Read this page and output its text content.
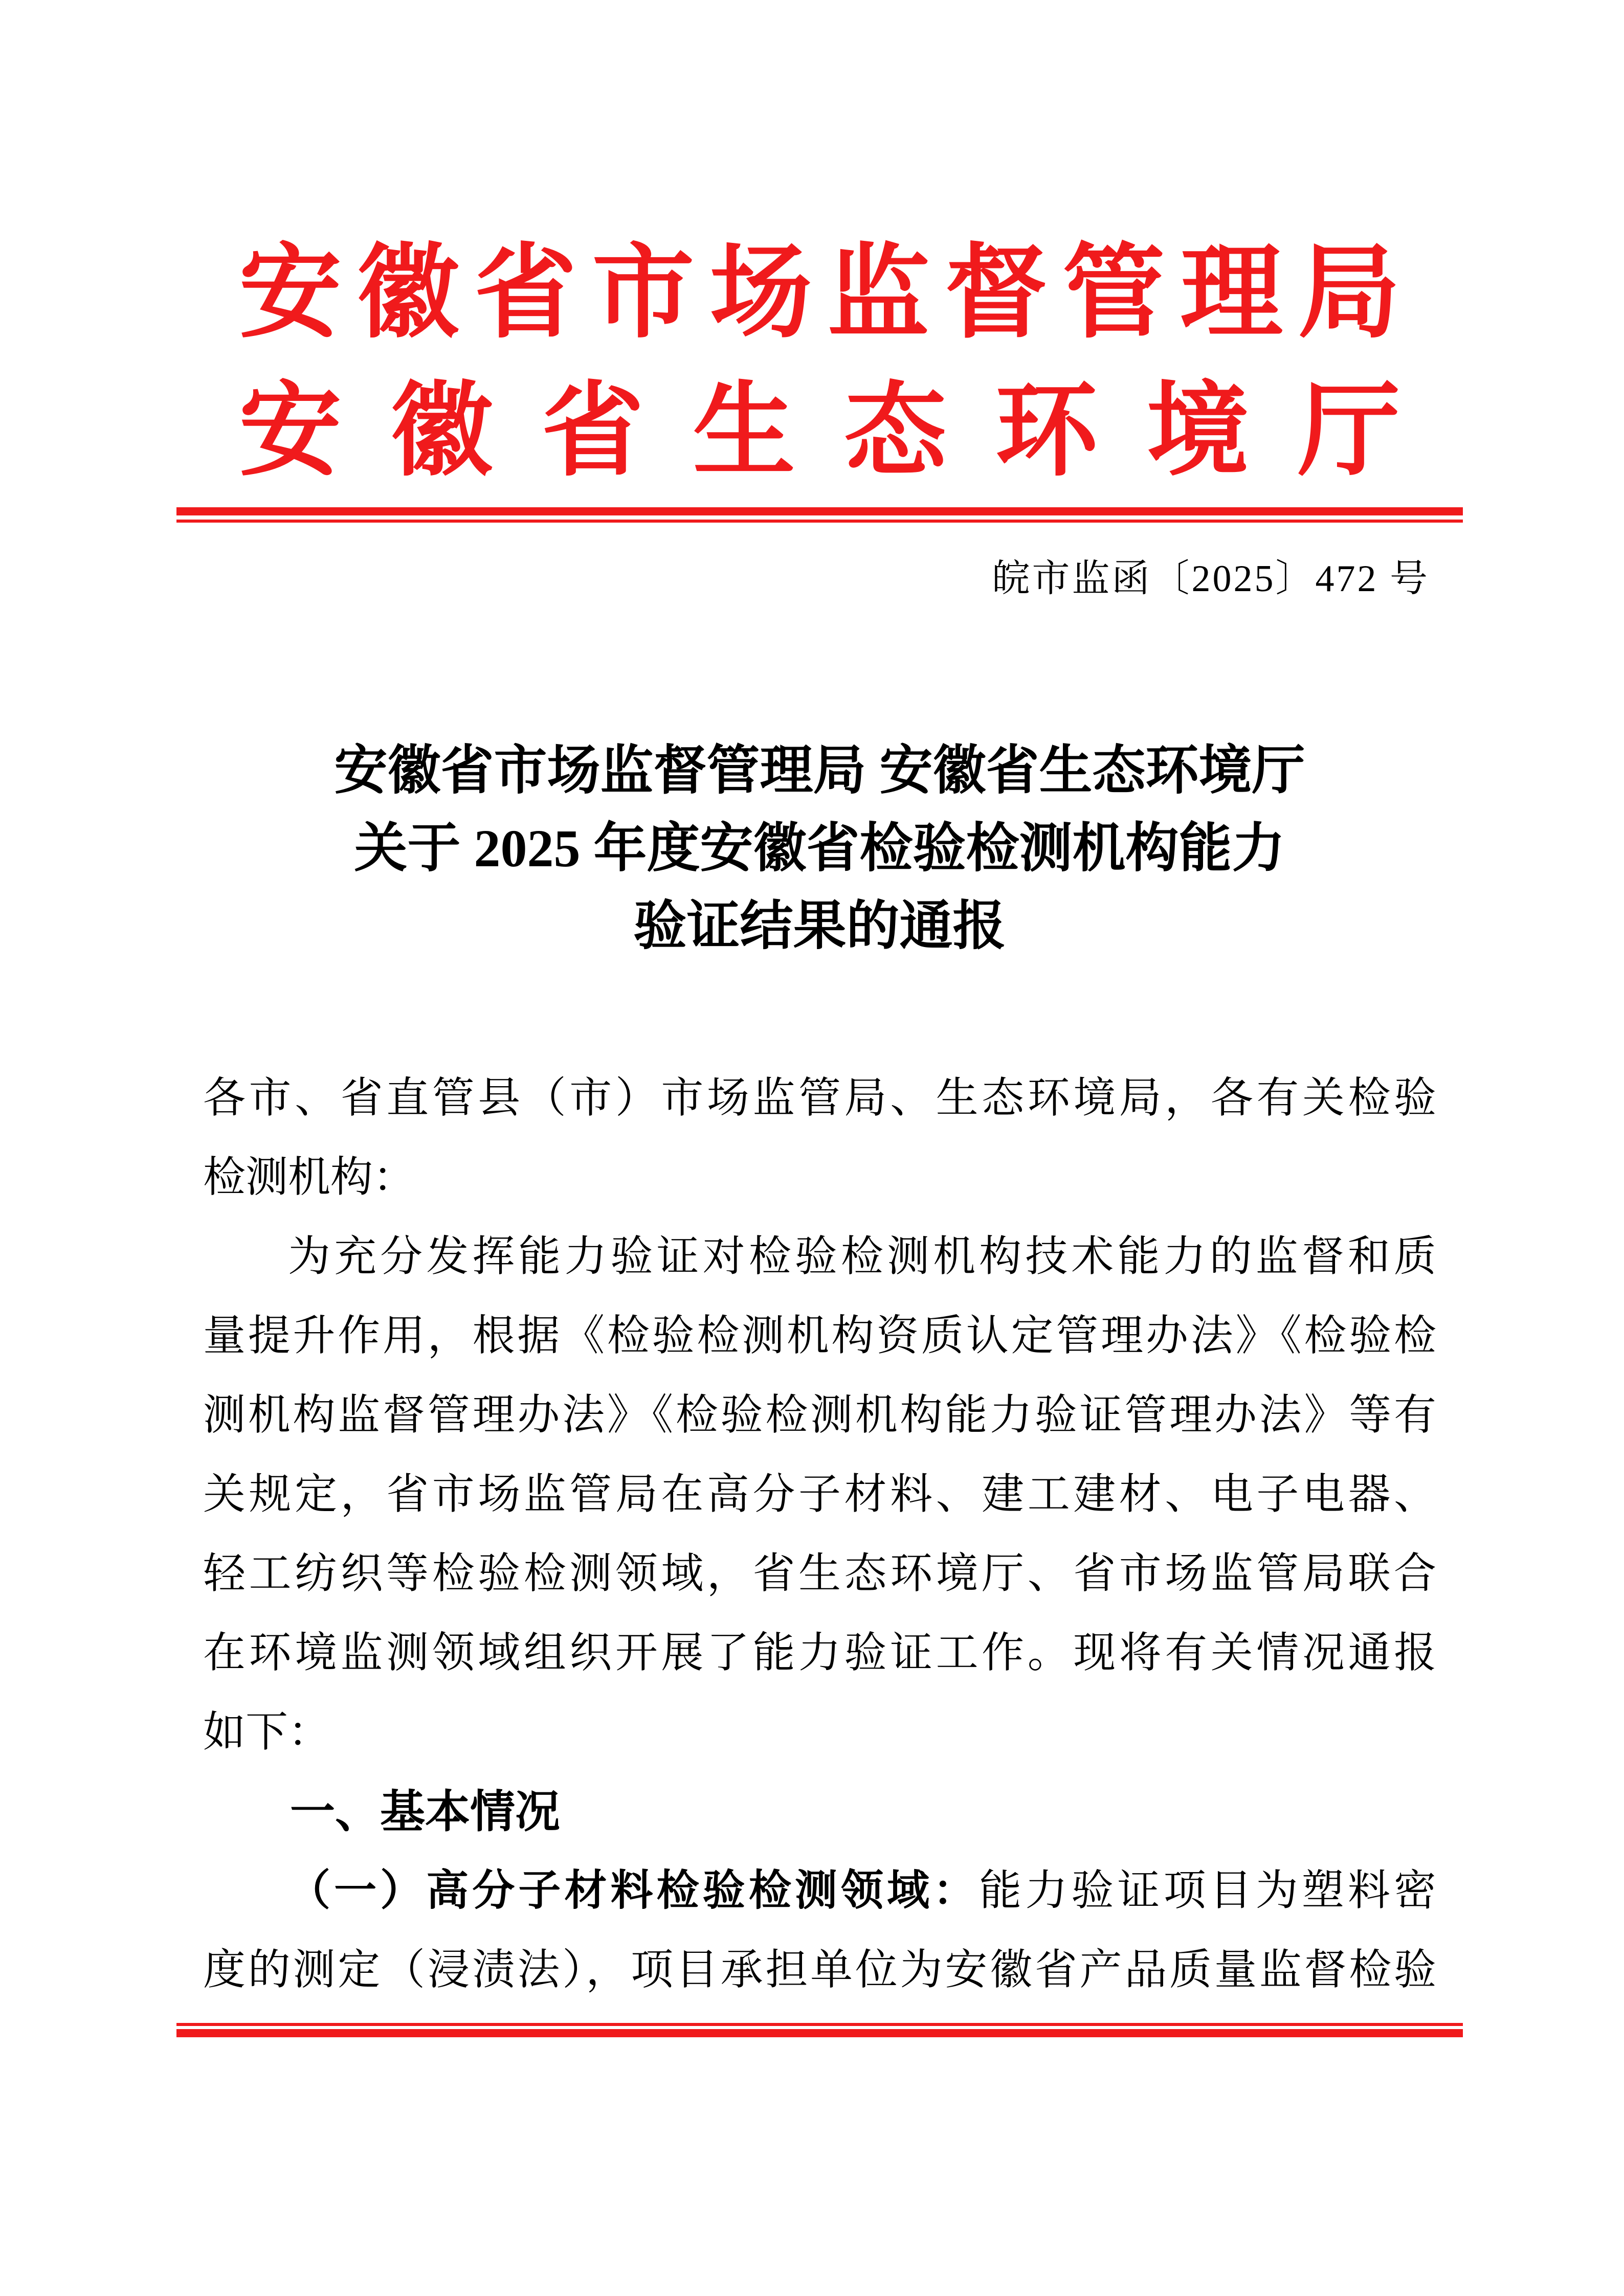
安徽省市场监督管理局
安 徽 省 生 态 环 境 厅
皖市监函〔2025〕472 号
安徽省市场监督管理局 安徽省生态环境厅
关于 2025 年度安徽省检验检测机构能力
验证结果的通报
各市、省直管县（市）市场监管局、生态环境局，各有关检验
检测机构：
为充分发挥能力验证对检验检测机构技术能力的监督和质
量提升作用，根据《检验检测机构资质认定管理办法》《检验检
测机构监督管理办法》《检验检测机构能力验证管理办法》等有
关规定，省市场监管局在高分子材料、建工建材、电子电器、
轻工纺织等检验检测领域，省生态环境厅、省市场监管局联合
在环境监测领域组织开展了能力验证工作。现将有关情况通报
如下：
一、基本情况
（一）高分子材料检验检测领域：能力验证项目为塑料密
度的测定（浸渍法），项目承担单位为安徽省产品质量监督检验
